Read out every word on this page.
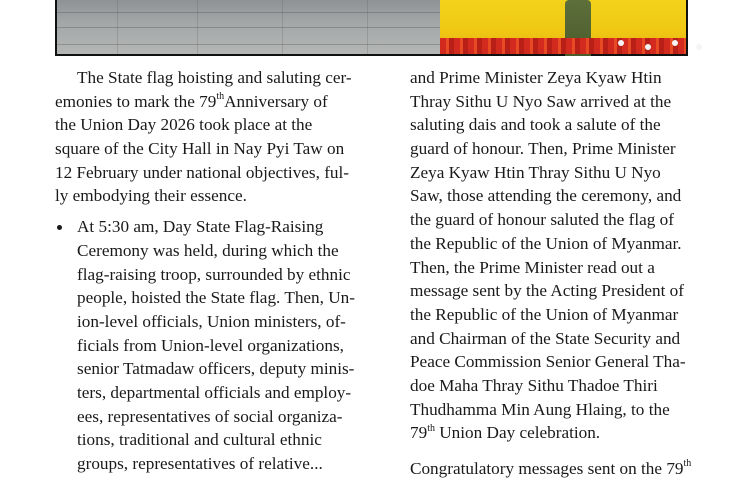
The State flag hoisting and saluting cer-
emonies to mark the 79thAnniversary of
the Union Day 2026 took place at the
square of the City Hall in Nay Pyi Taw on
12 February under national objectives, ful-
ly embodying their essence.
At 5:30 am, Day State Flag-Raising
Ceremony was held, during which the
flag-raising troop, surrounded by ethnic
people, hoisted the State flag. Then, Un-
ion-level officials, Union ministers, of-
ficials from Union-level organizations,
senior Tatmadaw officers, deputy minis-
ters, departmental officials and employ-
ees, representatives of social organiza-
tions, traditional and cultural ethnic
groups, representatives of relative...
and Prime Minister Zeya Kyaw Htin
Thray Sithu U Nyo Saw arrived at the
saluting dais and took a salute of the
guard of honour. Then, Prime Minister
Zeya Kyaw Htin Thray Sithu U Nyo
Saw, those attending the ceremony, and
the guard of honour saluted the flag of
the Republic of the Union of Myanmar.
Then, the Prime Minister read out a
message sent by the Acting President of
the Republic of the Union of Myanmar
and Chairman of the State Security and
Peace Commission Senior General Tha-
doe Maha Thray Sithu Thadoe Thiri
Thudhamma Min Aung Hlaing, to the
79th Union Day celebration.
Congratulatory messages sent on the 79th
